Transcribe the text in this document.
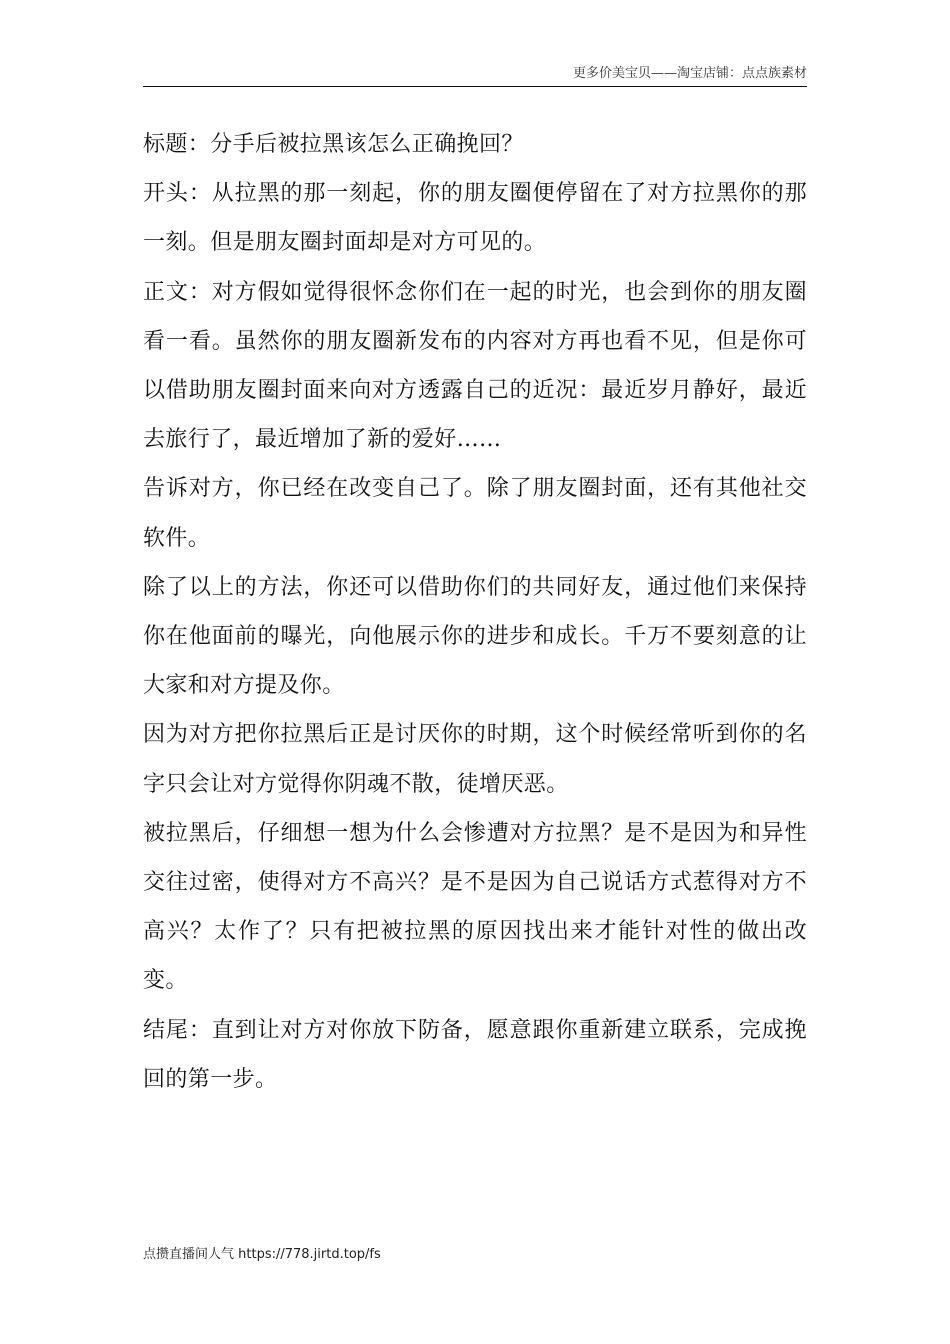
更多价美宝贝——淘宝店铺：点点族素材

标题：分手后被拉黑该怎么正确挽回？

开头：从拉黑的那一刻起，你的朋友圈便停留在了对方拉黑你的那一刻。但是朋友圈封面却是对方可见的。

正文：对方假如觉得很怀念你们在一起的时光，也会到你的朋友圈看一看。虽然你的朋友圈新发布的内容对方再也看不见，但是你可以借助朋友圈封面来向对方透露自己的近况：最近岁月静好，最近去旅行了，最近增加了新的爱好……

告诉对方，你已经在改变自己了。除了朋友圈封面，还有其他社交软件。

除了以上的方法，你还可以借助你们的共同好友，通过他们来保持你在他面前的曝光，向他展示你的进步和成长。千万不要刻意的让大家和对方提及你。

因为对方把你拉黑后正是讨厌你的时期，这个时候经常听到你的名字只会让对方觉得你阴魂不散，徒增厌恶。

被拉黑后，仔细想一想为什么会惨遭对方拉黑？是不是因为和异性交往过密，使得对方不高兴？是不是因为自己说话方式惹得对方不高兴？太作了？只有把被拉黑的原因找出来才能针对性的做出改变。

结尾：直到让对方对你放下防备，愿意跟你重新建立联系，完成挽回的第一步。

点攒直播间人气 https://778.jirtd.top/fs
